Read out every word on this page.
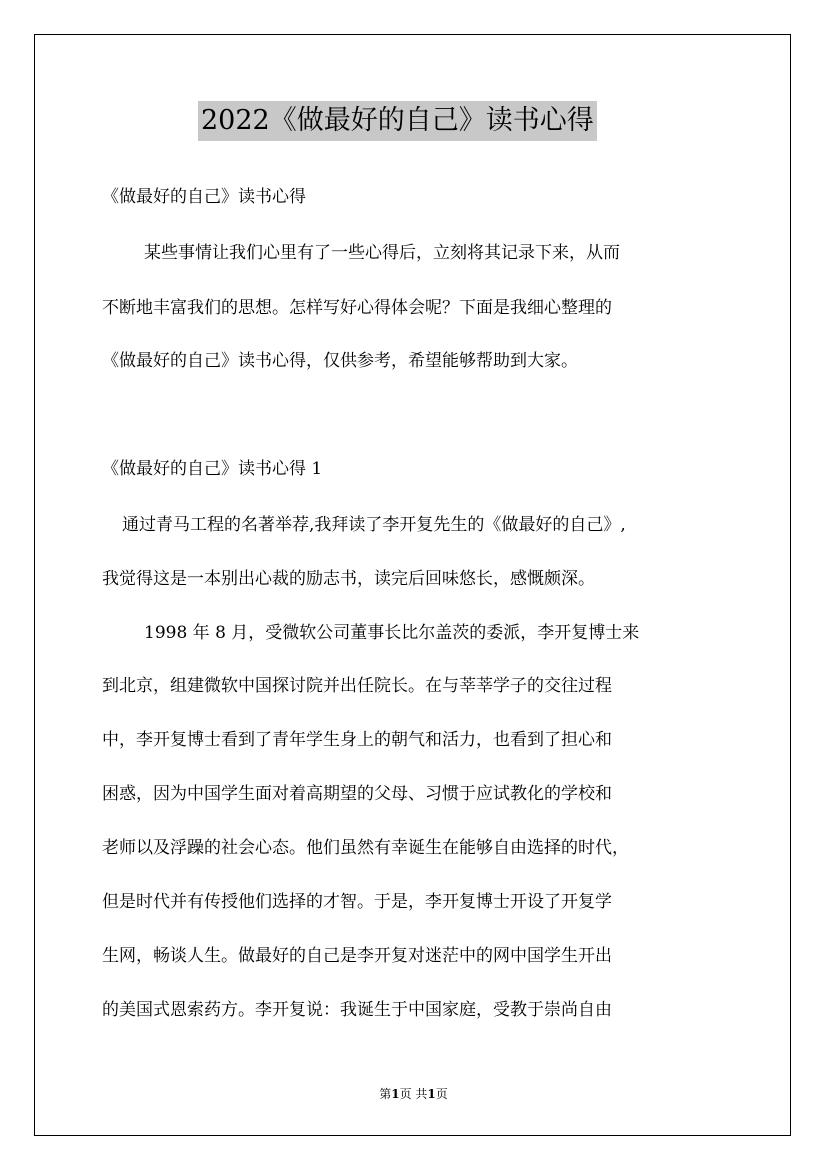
2022《做最好的自己》读书心得
《做最好的自己》读书心得
某些事情让我们心里有了一些心得后，立刻将其记录下来，从而
不断地丰富我们的思想。怎样写好心得体会呢？下面是我细心整理的
《做最好的自己》读书心得，仅供参考，希望能够帮助到大家。
《做最好的自己》读书心得 1
通过青马工程的名著举荐,我拜读了李开复先生的《做最好的自己》,
我觉得这是一本别出心裁的励志书，读完后回味悠长，感慨颇深。
1998 年 8 月，受微软公司董事长比尔盖茨的委派，李开复博士来
到北京，组建微软中国探讨院并出任院长。在与莘莘学子的交往过程
中，李开复博士看到了青年学生身上的朝气和活力，也看到了担心和
困惑，因为中国学生面对着高期望的父母、习惯于应试教化的学校和
老师以及浮躁的社会心态。他们虽然有幸诞生在能够自由选择的时代，
但是时代并有传授他们选择的才智。于是，李开复博士开设了开复学
生网，畅谈人生。做最好的自己是李开复对迷茫中的网中国学生开出
的美国式恩索药方。李开复说：我诞生于中国家庭，受教于崇尚自由
第1页 共1页
